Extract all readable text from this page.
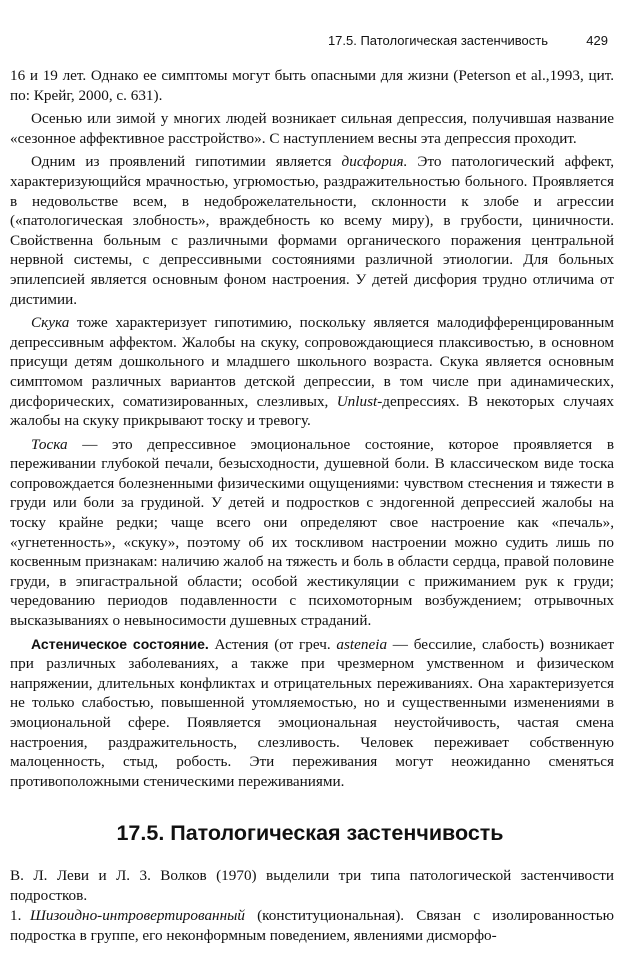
17.5. Патологическая застенчивость	429

16 и 19 лет. Однако ее симптомы могут быть опасными для жизни (Peterson et al.,1993, цит. по: Крейг, 2000, с. 631).

Осенью или зимой у многих людей возникает сильная депрессия, получившая название «сезонное аффективное расстройство». С наступлением весны эта депрессия проходит.

Одним из проявлений гипотимии является дисфория. Это патологический аффект, характеризующийся мрачностью, угрюмостью, раздражительностью больного. Проявляется в недовольстве всем, в недоброжелательности, склонности к злобе и агрессии («патологическая злобность», враждебность ко всему миру), в грубости, циничности. Свойственна больным с различными формами органического поражения центральной нервной системы, с депрессивными состояниями различной этиологии. Для больных эпилепсией является основным фоном настроения. У детей дисфория трудно отличима от дистимии.

Скука тоже характеризует гипотимию, поскольку является малодифференцированным депрессивным аффектом. Жалобы на скуку, сопровождающиеся плаксивостью, в основном присущи детям дошкольного и младшего школьного возраста. Скука является основным симптомом различных вариантов детской депрессии, в том числе при адинамических, дисфорических, соматизированных, слезливых, Unlust-депрессиях. В некоторых случаях жалобы на скуку прикрывают тоску и тревогу.

Тоска — это депрессивное эмоциональное состояние, которое проявляется в переживании глубокой печали, безысходности, душевной боли. В классическом виде тоска сопровождается болезненными физическими ощущениями: чувством стеснения и тяжести в груди или боли за грудиной. У детей и подростков с эндогенной депрессией жалобы на тоску крайне редки; чаще всего они определяют свое настроение как «печаль», «угнетенность», «скуку», поэтому об их тоскливом настроении можно судить лишь по косвенным признакам: наличию жалоб на тяжесть и боль в области сердца, правой половине груди, в эпигастральной области; особой жестикуляции с прижиманием рук к груди; чередованию периодов подавленности с психомоторным возбуждением; отрывочных высказываниях о невыносимости душевных страданий.

Астеническое состояние. Астения (от греч. asteneia — бессилие, слабость) возникает при различных заболеваниях, а также при чрезмерном умственном и физическом напряжении, длительных конфликтах и отрицательных переживаниях. Она характеризуется не только слабостью, повышенной утомляемостью, но и существенными изменениями в эмоциональной сфере. Появляется эмоциональная неустойчивость, частая смена настроения, раздражительность, слезливость. Человек переживает собственную малоценность, стыд, робость. Эти переживания могут неожиданно сменяться противоположными стеническими переживаниями.

17.5. Патологическая застенчивость

В. Л. Леви и Л. 3. Волков (1970) выделили три типа патологической застенчивости подростков.

1. Шизоидно-интровертированный (конституциональная). Связан с изолированностью подростка в группе, его неконформным поведением, явлениями дисморфо-
